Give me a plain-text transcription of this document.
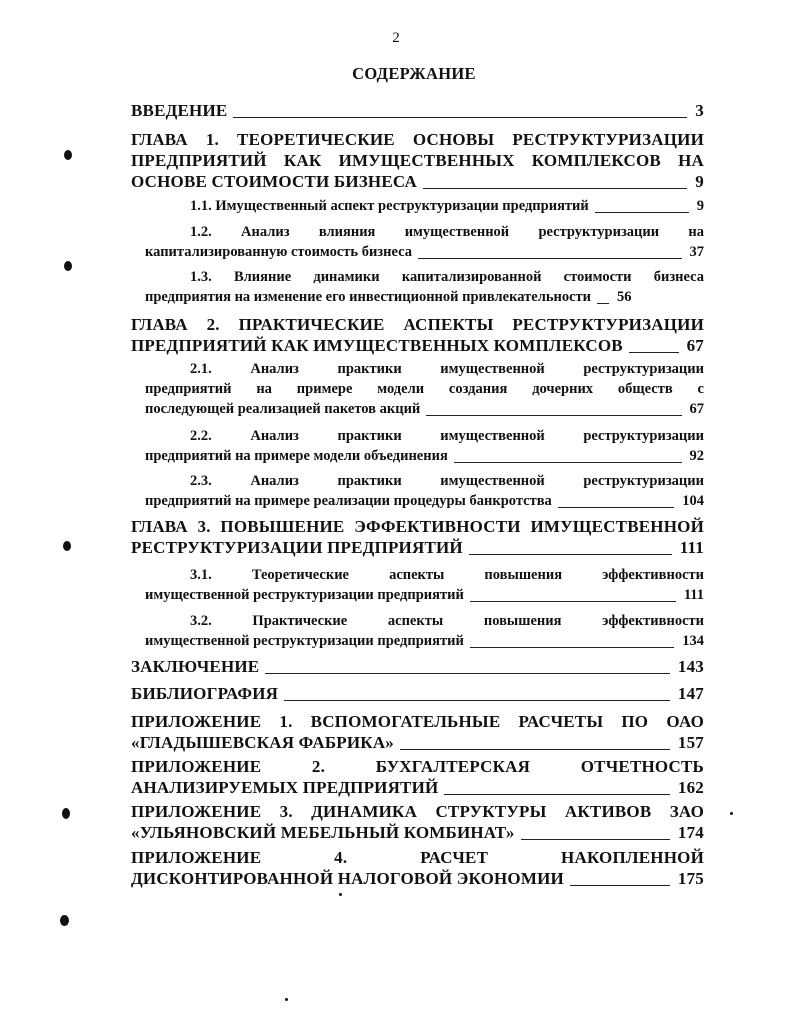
2
СОДЕРЖАНИЕ
ВВЕДЕНИЕ	3
ГЛАВА 1. ТЕОРЕТИЧЕСКИЕ ОСНОВЫ РЕСТРУКТУРИЗАЦИИ
ПРЕДПРИЯТИЙ КАК ИМУЩЕСТВЕННЫХ КОМПЛЕКСОВ НА
ОСНОВЕ СТОИМОСТИ БИЗНЕСА	9
1.1. Имущественный аспект реструктуризации предприятий	9
1.2. Анализ влияния имущественной реструктуризации на
капитализированную стоимость бизнеса	37
1.3. Влияние динамики капитализированной стоимости бизнеса
предприятия на изменение его инвестиционной привлекательности 56
ГЛАВА 2. ПРАКТИЧЕСКИЕ АСПЕКТЫ РЕСТРУКТУРИЗАЦИИ
ПРЕДПРИЯТИЙ КАК ИМУЩЕСТВЕННЫХ КОМПЛЕКСОВ	67
2.1. Анализ практики имущественной реструктуризации
предприятий на примере модели создания дочерних обществ с
последующей реализацией пакетов акций	67
2.2. Анализ практики имущественной реструктуризации
предприятий на примере модели объединения	92
2.3. Анализ практики имущественной реструктуризации
предприятий на примере реализации процедуры банкротства	104
ГЛАВА 3. ПОВЫШЕНИЕ ЭФФЕКТИВНОСТИ ИМУЩЕСТВЕННОЙ
РЕСТРУКТУРИЗАЦИИ ПРЕДПРИЯТИЙ	111
3.1. Теоретические аспекты повышения эффективности
имущественной реструктуризации предприятий	111
3.2. Практические аспекты повышения эффективности
имущественной реструктуризации предприятий	134
ЗАКЛЮЧЕНИЕ	143
БИБЛИОГРАФИЯ	147
ПРИЛОЖЕНИЕ 1. ВСПОМОГАТЕЛЬНЫЕ РАСЧЕТЫ ПО ОАО
«ГЛАДЫШЕВСКАЯ ФАБРИКА»	157
ПРИЛОЖЕНИЕ 2. БУХГАЛТЕРСКАЯ ОТЧЕТНОСТЬ
АНАЛИЗИРУЕМЫХ ПРЕДПРИЯТИЙ	162
ПРИЛОЖЕНИЕ 3. ДИНАМИКА СТРУКТУРЫ АКТИВОВ ЗАО
«УЛЬЯНОВСКИЙ МЕБЕЛЬНЫЙ КОМБИНАТ»	174
ПРИЛОЖЕНИЕ 4. РАСЧЕТ НАКОПЛЕННОЙ
ДИСКОНТИРОВАННОЙ НАЛОГОВОЙ ЭКОНОМИИ	175
